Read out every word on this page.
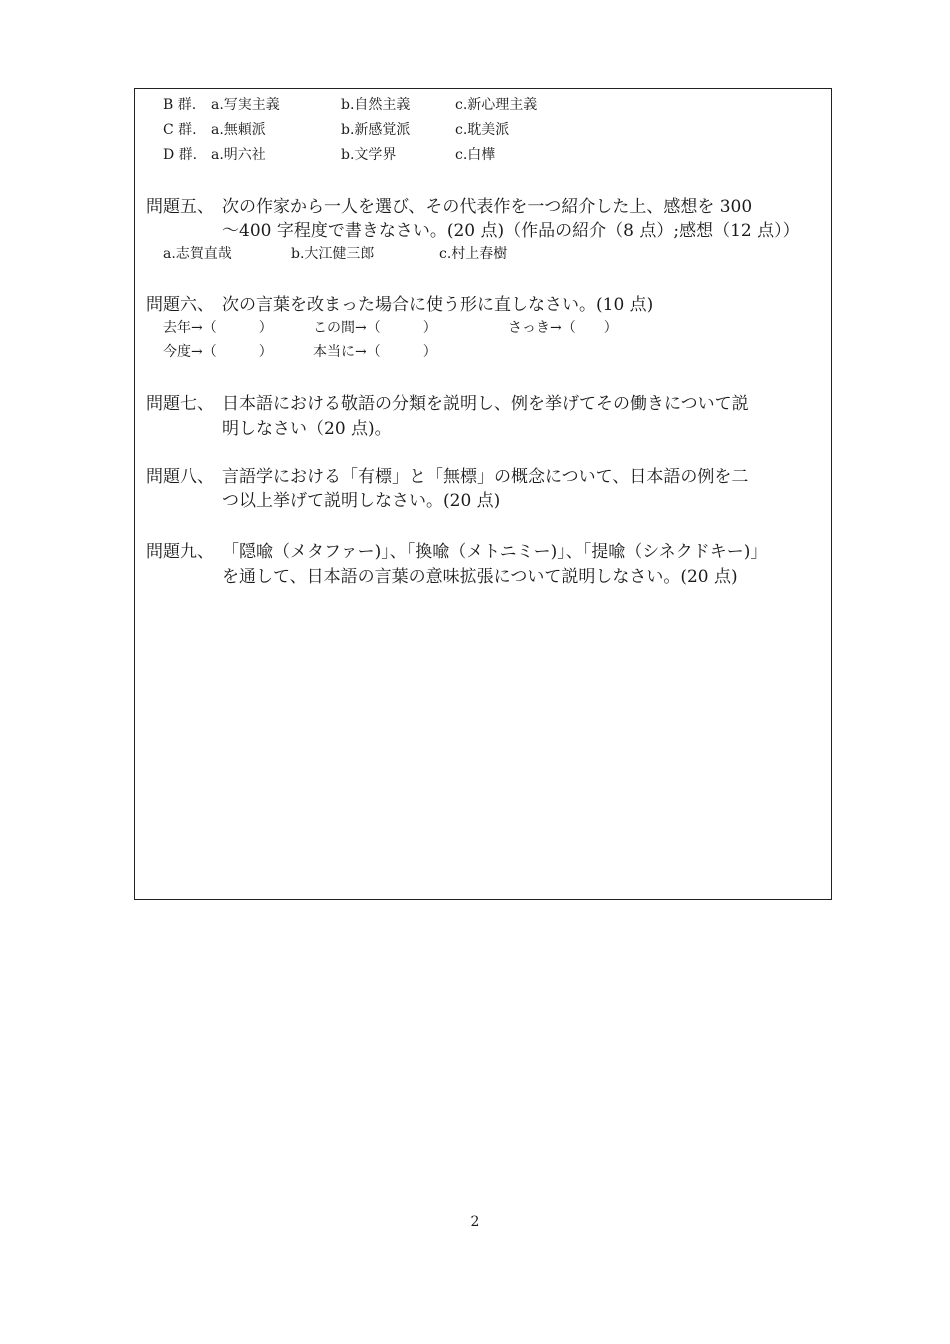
B 群. a.写実主義	b.自然主義	c.新心理主義
C 群. a.無頼派	b.新感覚派	c.耽美派
D 群. a.明六社	b.文学界	c.白樺
問題五、 次の作家から一人を選び、その代表作を一つ紹介した上、感想を 300
～400 字程度で書きなさい。(20 点)（作品の紹介（8 点）;感想（12 点））
a.志賀直哉	b.大江健三郎	c.村上春樹
問題六、 次の言葉を改まった場合に使う形に直しなさい。(10 点)
去年→（　　　）	この間→（　　　）	さっき→（　　）
今度→（　　　）	本当に→（　　　）
問題七、 日本語における敬語の分類を説明し、例を挙げてその働きについて説
明しなさい（20 点)。
問題八、 言語学における「有標」と「無標」の概念について、日本語の例を二
つ以上挙げて説明しなさい。(20 点)
問題九、 「隠喩（メタファー)」、「換喩（メトニミー)」、「提喩（シネクドキー)」
を通して、日本語の言葉の意味拡張について説明しなさい。(20 点)
2
